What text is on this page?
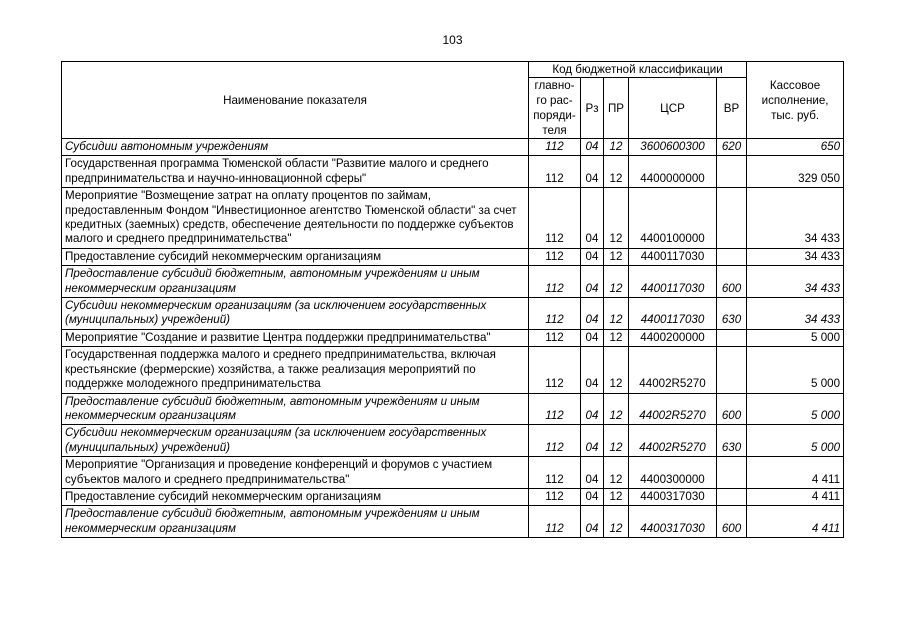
103
Наименование показателя	Код бюджетной классификации					Кассовое исполнение, тыс. руб.
	главно-го рас-поряди-теля	Рз	ПР	ЦСР	ВР	
Субсидии автономным учреждениям	112	04	12	3600600300	620	650
Государственная программа Тюменской области "Развитие малого и среднего предпринимательства и научно-инновационной сферы"	112	04	12	4400000000		329 050
Мероприятие "Возмещение затрат на оплату процентов по займам, предоставленным Фондом "Инвестиционное агентство Тюменской области" за счет кредитных (заемных) средств, обеспечение деятельности по поддержке субъектов малого и среднего предпринимательства"	112	04	12	4400100000		34 433
Предоставление субсидий некоммерческим организациям	112	04	12	4400117030		34 433
Предоставление субсидий бюджетным, автономным учреждениям и иным некоммерческим организациям	112	04	12	4400117030	600	34 433
Субсидии некоммерческим организациям (за исключением государственных (муниципальных) учреждений)	112	04	12	4400117030	630	34 433
Мероприятие "Создание и развитие Центра поддержки предпринимательства"	112	04	12	4400200000		5 000
Государственная поддержка малого и среднего предпринимательства, включая крестьянские (фермерские) хозяйства, а также реализация мероприятий по поддержке молодежного предпринимательства	112	04	12	44002R5270		5 000
Предоставление субсидий бюджетным, автономным учреждениям и иным некоммерческим организациям	112	04	12	44002R5270	600	5 000
Субсидии некоммерческим организациям (за исключением государственных (муниципальных) учреждений)	112	04	12	44002R5270	630	5 000
Мероприятие "Организация и проведение конференций и форумов с участием субъектов малого и среднего предпринимательства"	112	04	12	4400300000		4 411
Предоставление субсидий некоммерческим организациям	112	04	12	4400317030		4 411
Предоставление субсидий бюджетным, автономным учреждениям и иным некоммерческим организациям	112	04	12	4400317030	600	4 411
